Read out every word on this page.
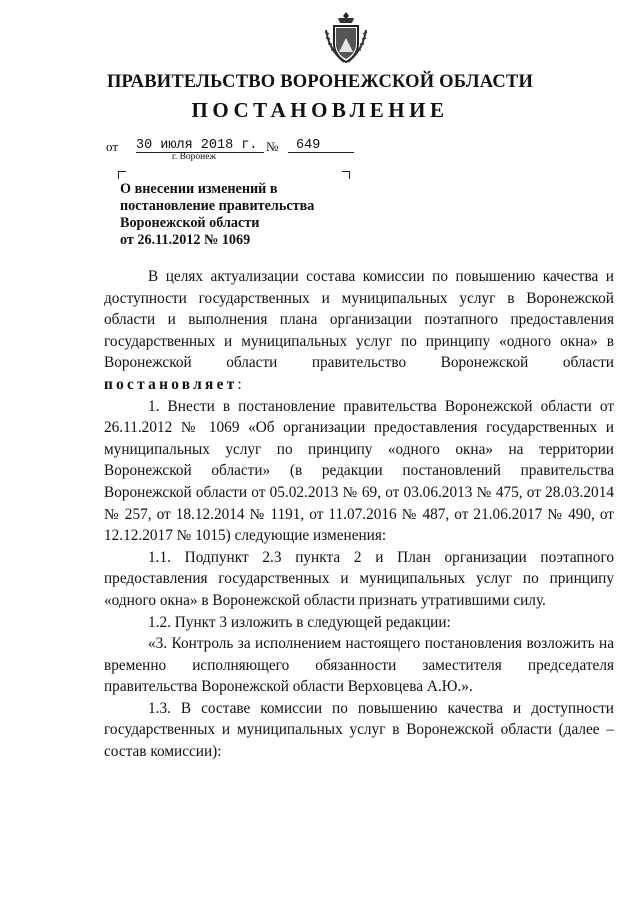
ПРАВИТЕЛЬСТВО ВОРОНЕЖСКОЙ ОБЛАСТИ
ПОСТАНОВЛЕНИЕ
от 30 июля 2018 г. №	649
г. Воронеж
О внесении изменений в
постановление правительства
Воронежской области
от 26.11.2012 № 1069

В целях актуализации состава комиссии по повышению качества и доступности государственных и муниципальных услуг в Воронежской области и выполнения плана организации поэтапного предоставления государственных и муниципальных услуг по принципу «одного окна» в Воронежской области правительство Воронежской области

постановляет:

1. Внести в постановление правительства Воронежской области от 26.11.2012 № 1069 «Об организации предоставления государственных и муниципальных услуг по принципу «одного окна» на территории Воронежской области» (в редакции постановлений правительства Воронежской области от 05.02.2013 № 69, от 03.06.2013 № 475, от 28.03.2014 № 257, от 18.12.2014 № 1191, от 11.07.2016 № 487, от 21.06.2017 № 490, от 12.12.2017 № 1015) следующие изменения:

1.1. Подпункт 2.3 пункта 2 и План организации поэтапного предоставления государственных и муниципальных услуг по принципу «одного окна» в Воронежской области признать утратившими силу.

1.2. Пункт 3 изложить в следующей редакции:

«3. Контроль за исполнением настоящего постановления возложить на временно исполняющего обязанности заместителя председателя правительства Воронежской области Верховцева А.Ю.».

1.3. В составе комиссии по повышению качества и доступности государственных и муниципальных услуг в Воронежской области (далее – состав комиссии):
